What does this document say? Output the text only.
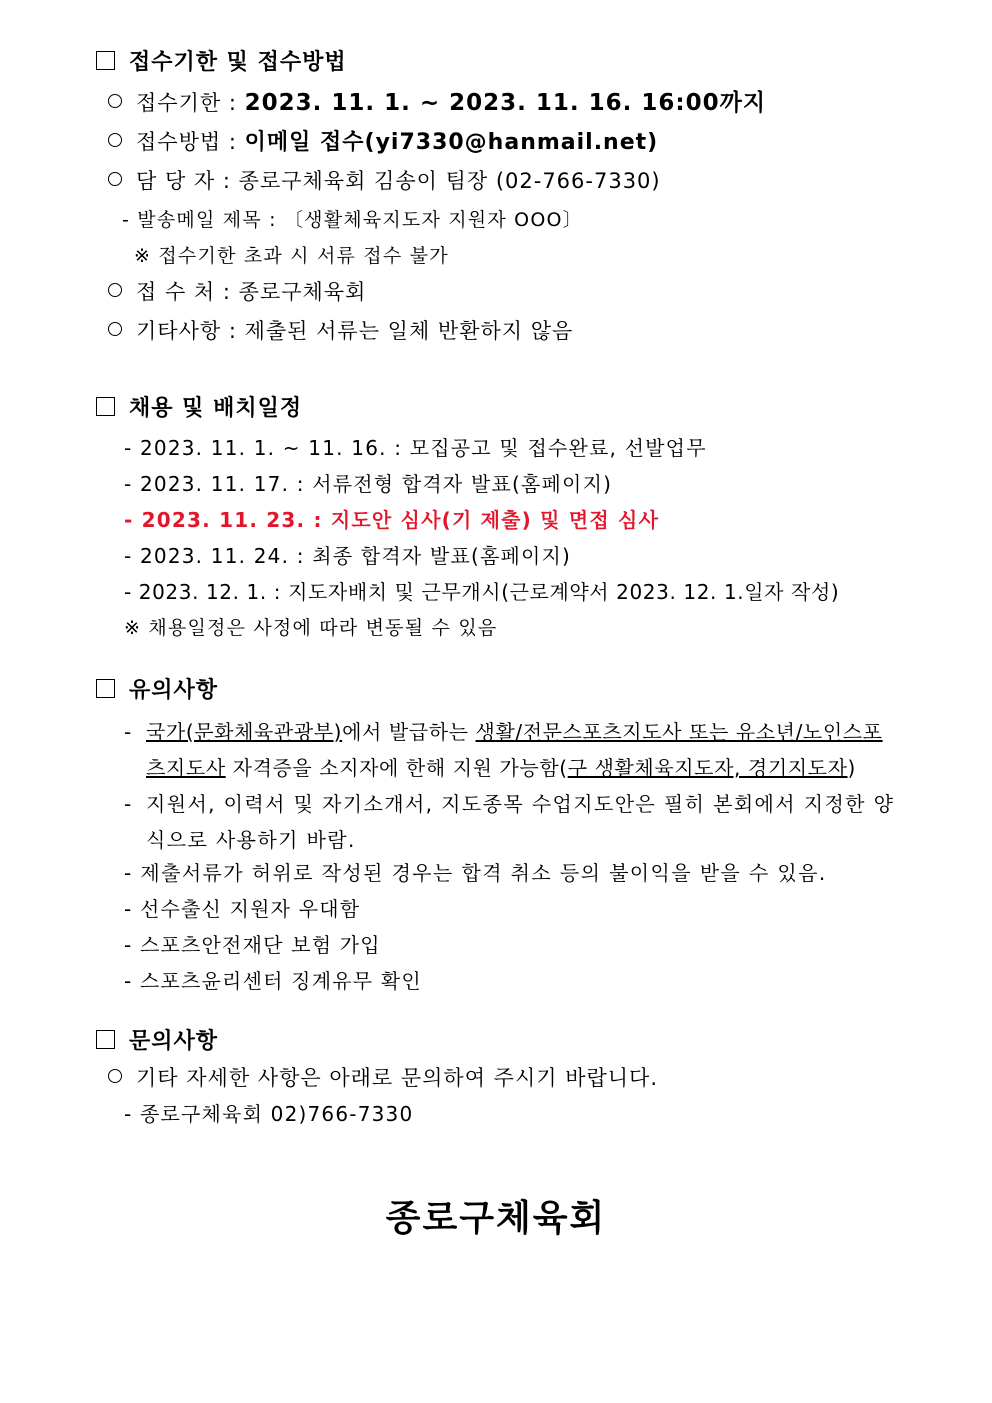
접수기한 및 접수방법
접수기한 : 2023. 11. 1. ~ 2023. 11. 16. 16:00까지
접수방법 : 이메일 접수(yi7330@hanmail.net)
담 당 자 : 종로구체육회 김송이 팀장 (02-766-7330)
- 발송메일 제목 : 〔생활체육지도자 지원자 OOO〕
※ 접수기한 초과 시 서류 접수 불가
접 수 처 : 종로구체육회
기타사항 : 제출된 서류는 일체 반환하지 않음
채용 및 배치일정
- 2023. 11. 1. ~ 11. 16. : 모집공고 및 접수완료, 선발업무
- 2023. 11. 17. : 서류전형 합격자 발표(홈페이지)
- 2023. 11. 23. : 지도안 심사(기 제출) 및 면접 심사
- 2023. 11. 24. : 최종 합격자 발표(홈페이지)
- 2023. 12. 1. : 지도자배치 및 근무개시(근로계약서 2023. 12. 1.일자 작성)
※ 채용일정은 사정에 따라 변동될 수 있음
유의사항
- 국가(문화체육관광부)에서 발급하는 생활/전문스포츠지도사 또는 유소년/노인스포츠지도사 자격증을 소지자에 한해 지원 가능함(구 생활체육지도자, 경기지도자)
- 지원서, 이력서 및 자기소개서, 지도종목 수업지도안은 필히 본회에서 지정한 양식으로 사용하기 바람.
- 제출서류가 허위로 작성된 경우는 합격 취소 등의 불이익을 받을 수 있음.
- 선수출신 지원자 우대함
- 스포츠안전재단 보험 가입
- 스포츠윤리센터 징계유무 확인
문의사항
기타 자세한 사항은 아래로 문의하여 주시기 바랍니다.
- 종로구체육회 02)766-7330
종로구체육회
